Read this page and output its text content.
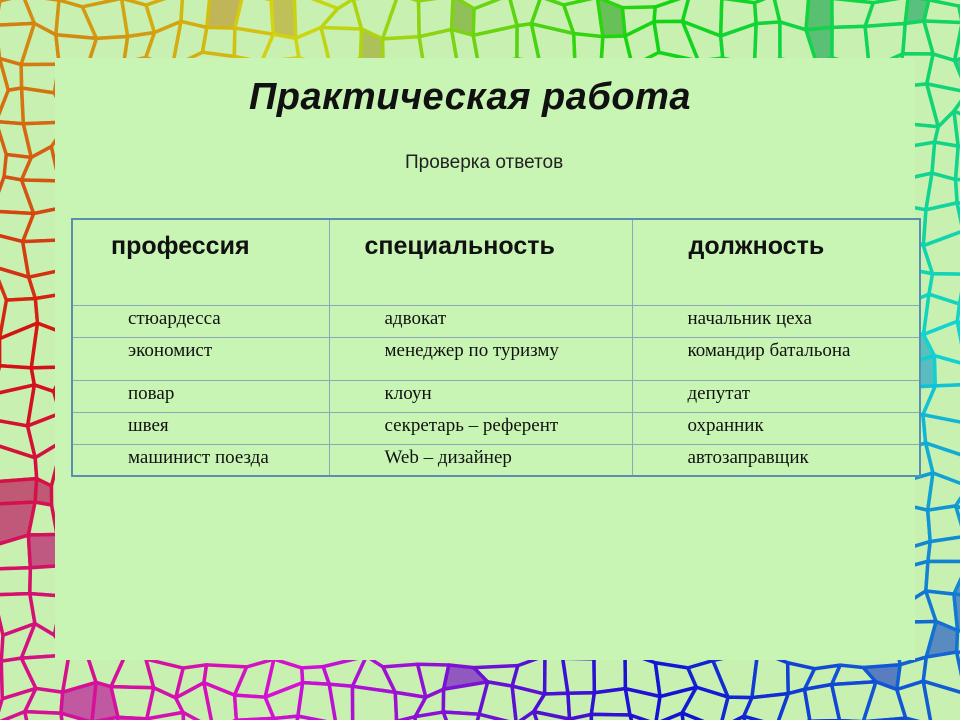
Практическая работа
Проверка ответов
профессия	специальность	должность
стюардесса	адвокат	начальник цеха
экономист	менеджер по туризму	командир батальона
повар	клоун	депутат
швея	секретарь – референт	охранник
машинист поезда	Web – дизайнер	автозаправщик
